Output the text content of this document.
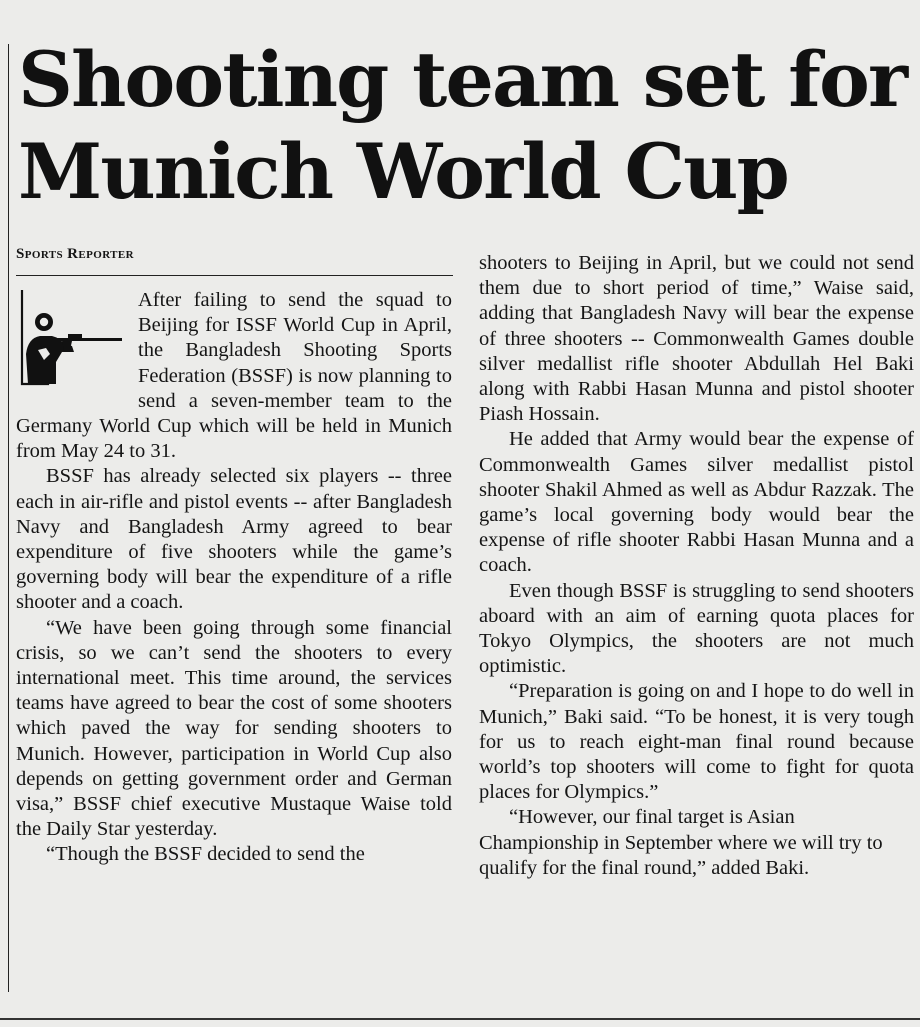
Shooting team set for Munich World Cup
Sports Reporter

After failing to send the squad to Beijing for ISSF World Cup in April, the Bangladesh Shooting Sports Federation (BSSF) is now planning to send a seven-member team to the Germany World Cup which will be held in Munich from May 24 to 31.

BSSF has already selected six players -- three each in air-rifle and pistol events -- after Bangladesh Navy and Bangladesh Army agreed to bear expenditure of five shooters while the game’s governing body will bear the expenditure of a rifle shooter and a coach.

“We have been going through some financial crisis, so we can’t send the shooters to every international meet. This time around, the services teams have agreed to bear the cost of some shooters which paved the way for sending shooters to Munich. However, participation in World Cup also depends on getting government order and German visa,” BSSF chief executive Mustaque Waise told the Daily Star yesterday.

“Though the BSSF decided to send the

shooters to Beijing in April, but we could not send them due to short period of time,” Waise said, adding that Bangladesh Navy will bear the expense of three shooters -- Commonwealth Games double silver medallist rifle shooter Abdullah Hel Baki along with Rabbi Hasan Munna and pistol shooter Piash Hossain.

He added that Army would bear the expense of Commonwealth Games silver medallist pistol shooter Shakil Ahmed as well as Abdur Razzak. The game’s local governing body would bear the expense of rifle shooter Rabbi Hasan Munna and a coach.

Even though BSSF is struggling to send shooters aboard with an aim of earning quota places for Tokyo Olympics, the shooters are not much optimistic.

“Preparation is going on and I hope to do well in Munich,” Baki said. “To be honest, it is very tough for us to reach eight-man final round because world’s top shooters will come to fight for quota places for Olympics.”

“However, our final target is Asian Championship in September where we will try to qualify for the final round,” added Baki.
